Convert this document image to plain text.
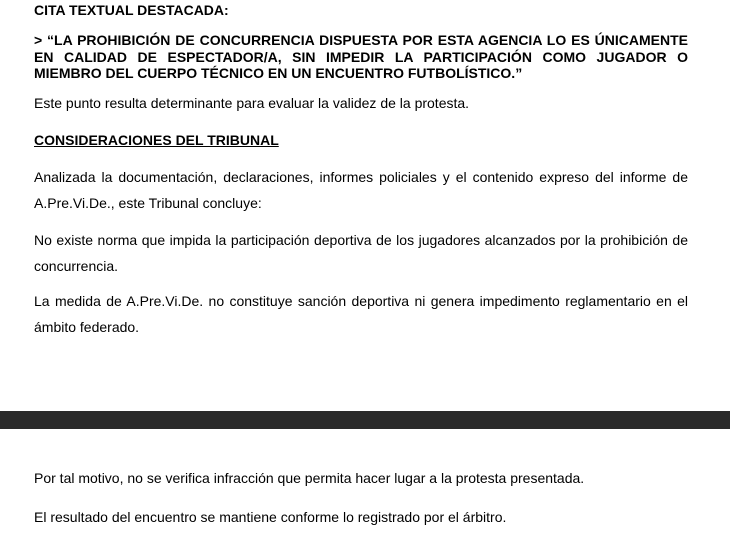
CITA TEXTUAL DESTACADA:
> “LA PROHIBICIÓN DE CONCURRENCIA DISPUESTA POR ESTA AGENCIA LO ES ÚNICAMENTE EN CALIDAD DE ESPECTADOR/A, SIN IMPEDIR LA PARTICIPACIÓN COMO JUGADOR O MIEMBRO DEL CUERPO TÉCNICO EN UN ENCUENTRO FUTBOLÍSTICO.”
Este punto resulta determinante para evaluar la validez de la protesta.
CONSIDERACIONES DEL TRIBUNAL
Analizada la documentación, declaraciones, informes policiales y el contenido expreso del informe de A.Pre.Vi.De., este Tribunal concluye:
No existe norma que impida la participación deportiva de los jugadores alcanzados por la prohibición de concurrencia.
La medida de A.Pre.Vi.De. no constituye sanción deportiva ni genera impedimento reglamentario en el ámbito federado.
Por tal motivo, no se verifica infracción que permita hacer lugar a la protesta presentada.
El resultado del encuentro se mantiene conforme lo registrado por el árbitro.
